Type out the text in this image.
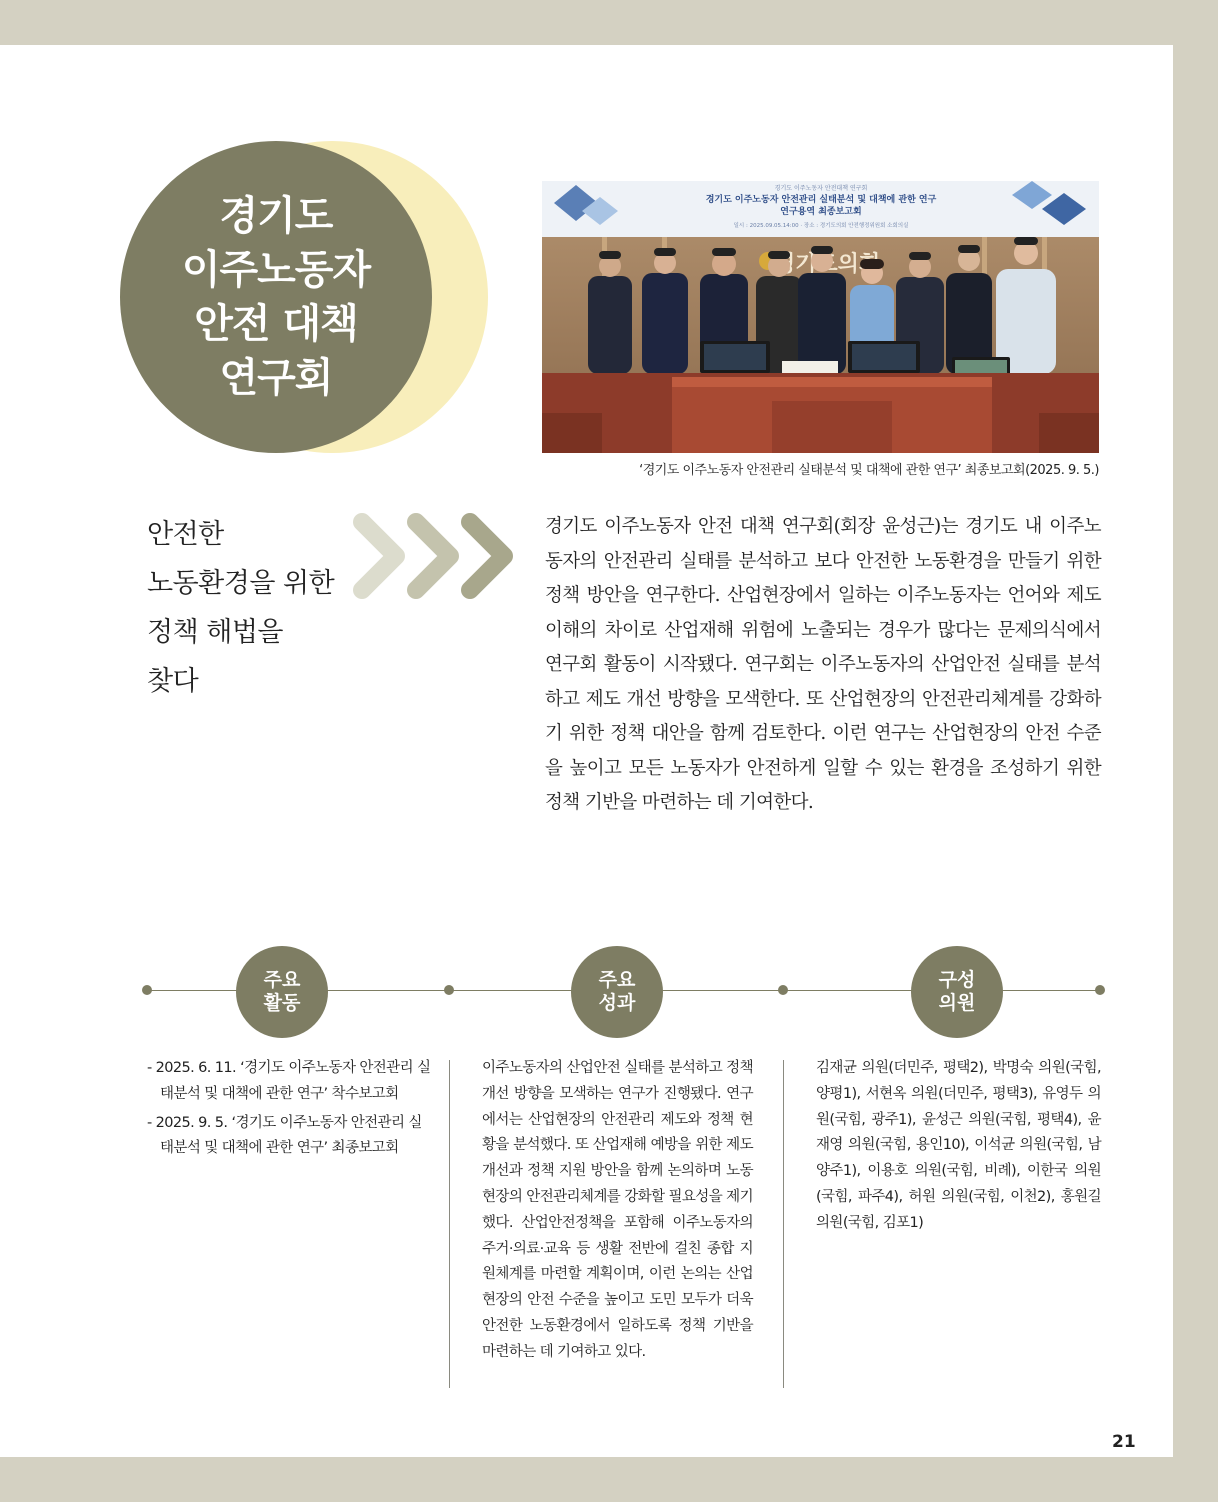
경기도
이주노동자
안전 대책
연구회
경기도 이주노동자 안전대책 연구회
경기도 이주노동자 안전관리 실태분석 및 대책에 관한 연구
연구용역 최종보고회
일시 : 2025.09.05.14:00 · 장소 : 경기도의회 안전행정위원회 소회의실
‘경기도 이주노동자 안전관리 실태분석 및 대책에 관한 연구’ 최종보고회(2025. 9. 5.)
안전한
노동환경을 위한
정책 해법을
찾다
경기도 이주노동자 안전 대책 연구회(회장 윤성근)는 경기도 내 이주노동자의 안전관리 실태를 분석하고 보다 안전한 노동환경을 만들기 위한 정책 방안을 연구한다. 산업현장에서 일하는 이주노동자는 언어와 제도 이해의 차이로 산업재해 위험에 노출되는 경우가 많다는 문제의식에서 연구회 활동이 시작됐다. 연구회는 이주노동자의 산업안전 실태를 분석하고 제도 개선 방향을 모색한다. 또 산업현장의 안전관리체계를 강화하기 위한 정책 대안을 함께 검토한다. 이런 연구는 산업현장의 안전 수준을 높이고 모든 노동자가 안전하게 일할 수 있는 환경을 조성하기 위한 정책 기반을 마련하는 데 기여한다.
주요
활동
주요
성과
구성
의원
- 2025. 6. 11. ‘경기도 이주노동자 안전관리 실태분석 및 대책에 관한 연구’ 착수보고회
- 2025. 9. 5. ‘경기도 이주노동자 안전관리 실태분석 및 대책에 관한 연구’ 최종보고회
이주노동자의 산업안전 실태를 분석하고 정책 개선 방향을 모색하는 연구가 진행됐다. 연구에서는 산업현장의 안전관리 제도와 정책 현황을 분석했다. 또 산업재해 예방을 위한 제도 개선과 정책 지원 방안을 함께 논의하며 노동 현장의 안전관리체계를 강화할 필요성을 제기했다. 산업안전정책을 포함해 이주노동자의 주거·의료·교육 등 생활 전반에 걸친 종합 지원체계를 마련할 계획이며, 이런 논의는 산업현장의 안전 수준을 높이고 도민 모두가 더욱 안전한 노동환경에서 일하도록 정책 기반을 마련하는 데 기여하고 있다.
김재균 의원(더민주, 평택2), 박명숙 의원(국힘, 양평1), 서현옥 의원(더민주, 평택3), 유영두 의원(국힘, 광주1), 윤성근 의원(국힘, 평택4), 윤재영 의원(국힘, 용인10), 이석균 의원(국힘, 남양주1), 이용호 의원(국힘, 비례), 이한국 의원(국힘, 파주4), 허원 의원(국힘, 이천2), 홍원길 의원(국힘, 김포1)
21
